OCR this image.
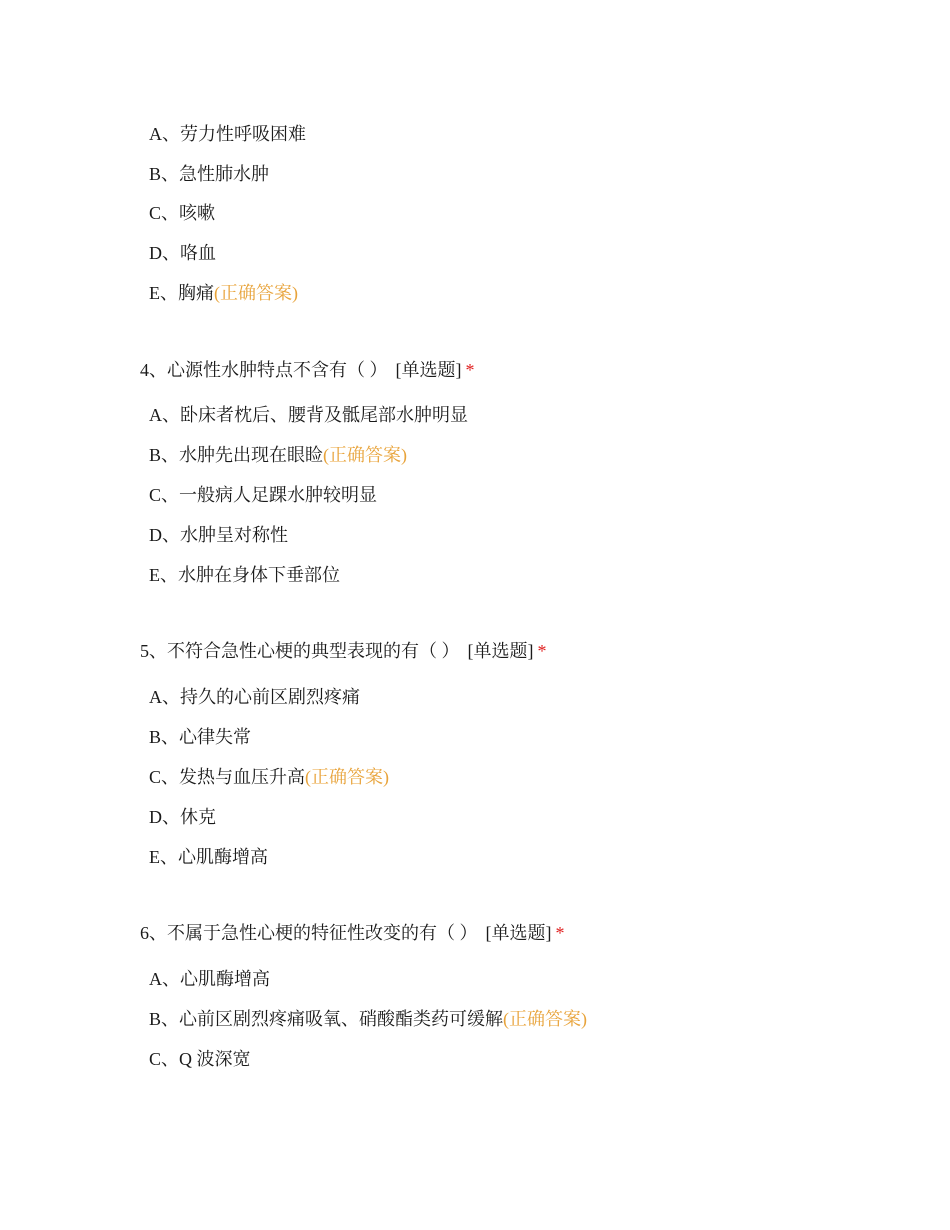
A、劳力性呼吸困难
B、急性肺水肿
C、咳嗽
D、咯血
E、胸痛(正确答案)
4、心源性水肿特点不含有（ ） [单选题] *
A、卧床者枕后、腰背及骶尾部水肿明显
B、水肿先出现在眼睑(正确答案)
C、一般病人足踝水肿较明显
D、水肿呈对称性
E、水肿在身体下垂部位
5、不符合急性心梗的典型表现的有（ ） [单选题] *
A、持久的心前区剧烈疼痛
B、心律失常
C、发热与血压升高(正确答案)
D、休克
E、心肌酶增高
6、不属于急性心梗的特征性改变的有（ ） [单选题] *
A、心肌酶增高
B、心前区剧烈疼痛吸氧、硝酸酯类药可缓解(正确答案)
C、Q 波深宽
